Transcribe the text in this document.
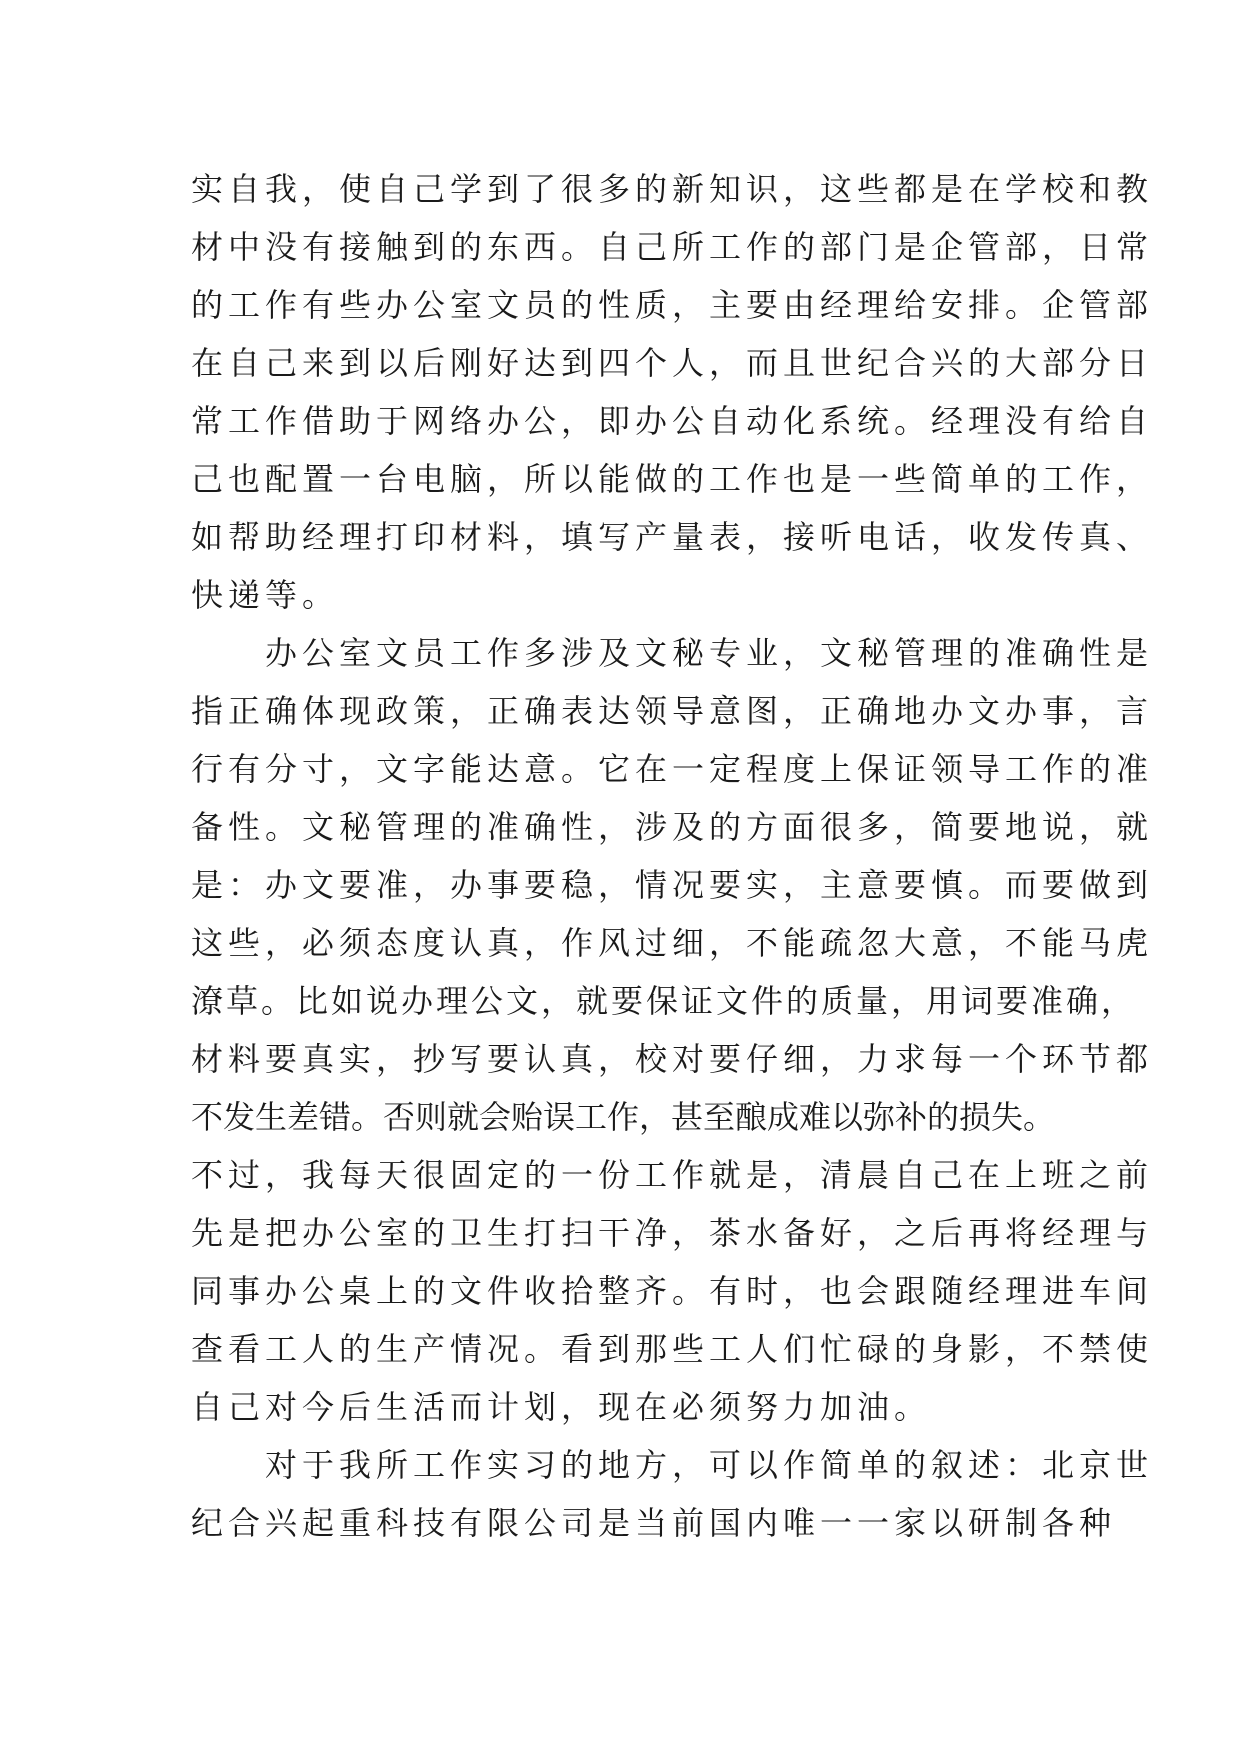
实自我，使自己学到了很多的新知识，这些都是在学校和教
材中没有接触到的东西。自己所工作的部门是企管部，日常
的工作有些办公室文员的性质，主要由经理给安排。企管部
在自己来到以后刚好达到四个人，而且世纪合兴的大部分日
常工作借助于网络办公，即办公自动化系统。经理没有给自
己也配置一台电脑，所以能做的工作也是一些简单的工作，
如帮助经理打印材料，填写产量表，接听电话，收发传真、
快递等。
　　办公室文员工作多涉及文秘专业，文秘管理的准确性是
指正确体现政策，正确表达领导意图，正确地办文办事，言
行有分寸，文字能达意。它在一定程度上保证领导工作的准
备性。文秘管理的准确性，涉及的方面很多，简要地说，就
是：办文要准，办事要稳，情况要实，主意要慎。而要做到
这些，必须态度认真，作风过细，不能疏忽大意，不能马虎
潦草。比如说办理公文，就要保证文件的质量，用词要准确，
材料要真实，抄写要认真，校对要仔细，力求每一个环节都
不发生差错。否则就会贻误工作，甚至酿成难以弥补的损失。
不过，我每天很固定的一份工作就是，清晨自己在上班之前
先是把办公室的卫生打扫干净，茶水备好，之后再将经理与
同事办公桌上的文件收拾整齐。有时，也会跟随经理进车间
查看工人的生产情况。看到那些工人们忙碌的身影，不禁使
自己对今后生活而计划，现在必须努力加油。
　　对于我所工作实习的地方，可以作简单的叙述：北京世
纪合兴起重科技有限公司是当前国内唯一一家以研制各种
